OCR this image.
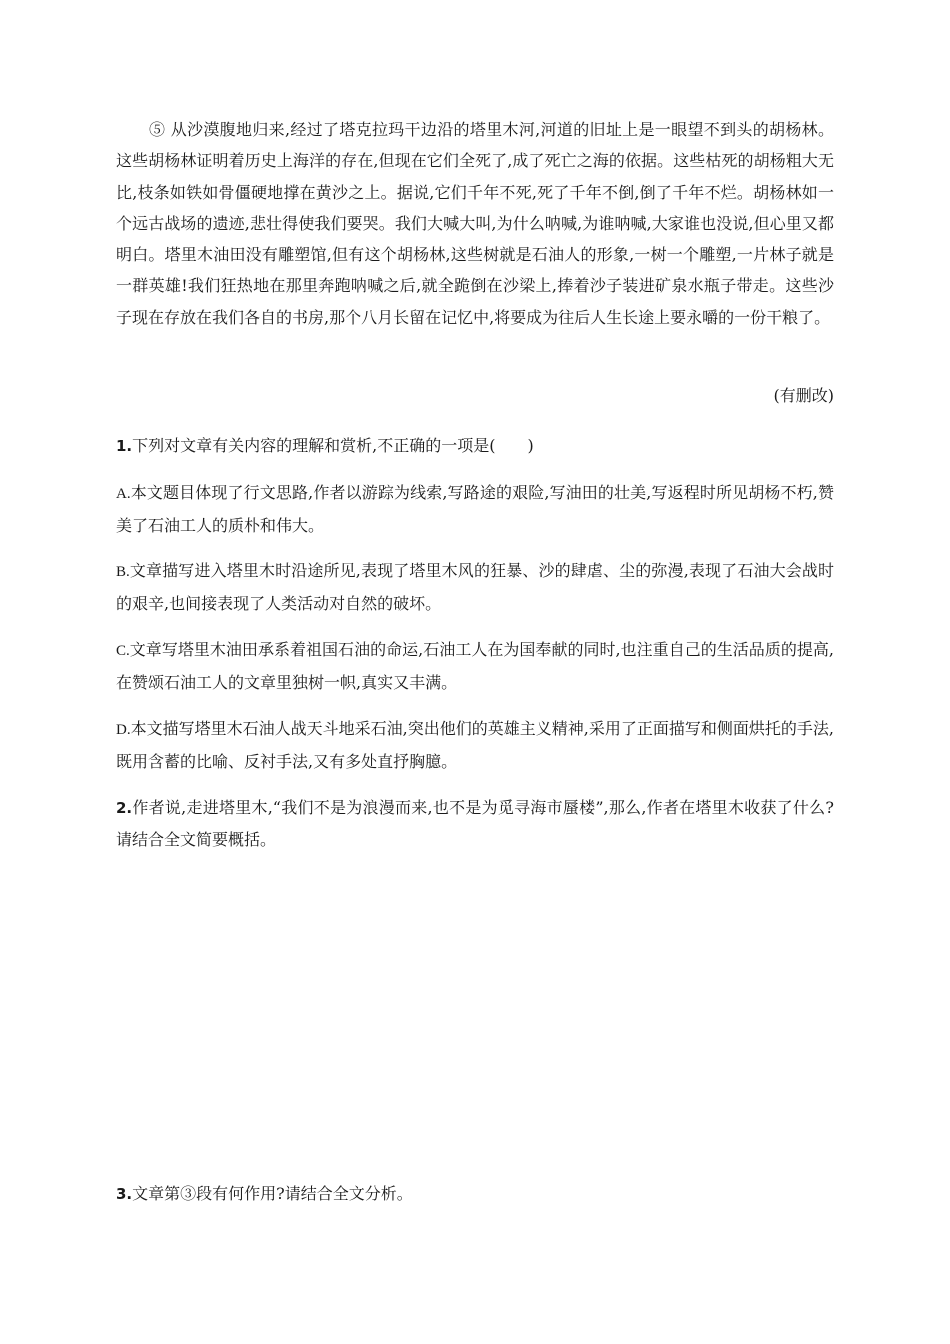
⑤ 从沙漠腹地归来,经过了塔克拉玛干边沿的塔里木河,河道的旧址上是一眼望不到头的胡杨林。这些胡杨林证明着历史上海洋的存在,但现在它们全死了,成了死亡之海的依据。这些枯死的胡杨粗大无比,枝条如铁如骨僵硬地撑在黄沙之上。据说,它们千年不死,死了千年不倒,倒了千年不烂。胡杨林如一个远古战场的遗迹,悲壮得使我们要哭。我们大喊大叫,为什么呐喊,为谁呐喊,大家谁也没说,但心里又都明白。塔里木油田没有雕塑馆,但有这个胡杨林,这些树就是石油人的形象,一树一个雕塑,一片林子就是一群英雄!我们狂热地在那里奔跑呐喊之后,就全跪倒在沙梁上,捧着沙子装进矿泉水瓶子带走。这些沙子现在存放在我们各自的书房,那个八月长留在记忆中,将要成为往后人生长途上要永嚼的一份干粮了。

(有删改)

1.下列对文章有关内容的理解和赏析,不正确的一项是(　　)

A.本文题目体现了行文思路,作者以游踪为线索,写路途的艰险,写油田的壮美,写返程时所见胡杨不朽,赞美了石油工人的质朴和伟大。

B.文章描写进入塔里木时沿途所见,表现了塔里木风的狂暴、沙的肆虐、尘的弥漫,表现了石油大会战时的艰辛,也间接表现了人类活动对自然的破坏。

C.文章写塔里木油田承系着祖国石油的命运,石油工人在为国奉献的同时,也注重自己的生活品质的提高,在赞颂石油工人的文章里独树一帜,真实又丰满。

D.本文描写塔里木石油人战天斗地采石油,突出他们的英雄主义精神,采用了正面描写和侧面烘托的手法,既用含蓄的比喻、反衬手法,又有多处直抒胸臆。

2.作者说,走进塔里木,“我们不是为浪漫而来,也不是为觅寻海市蜃楼”,那么,作者在塔里木收获了什么?请结合全文简要概括。

3.文章第③段有何作用?请结合全文分析。
